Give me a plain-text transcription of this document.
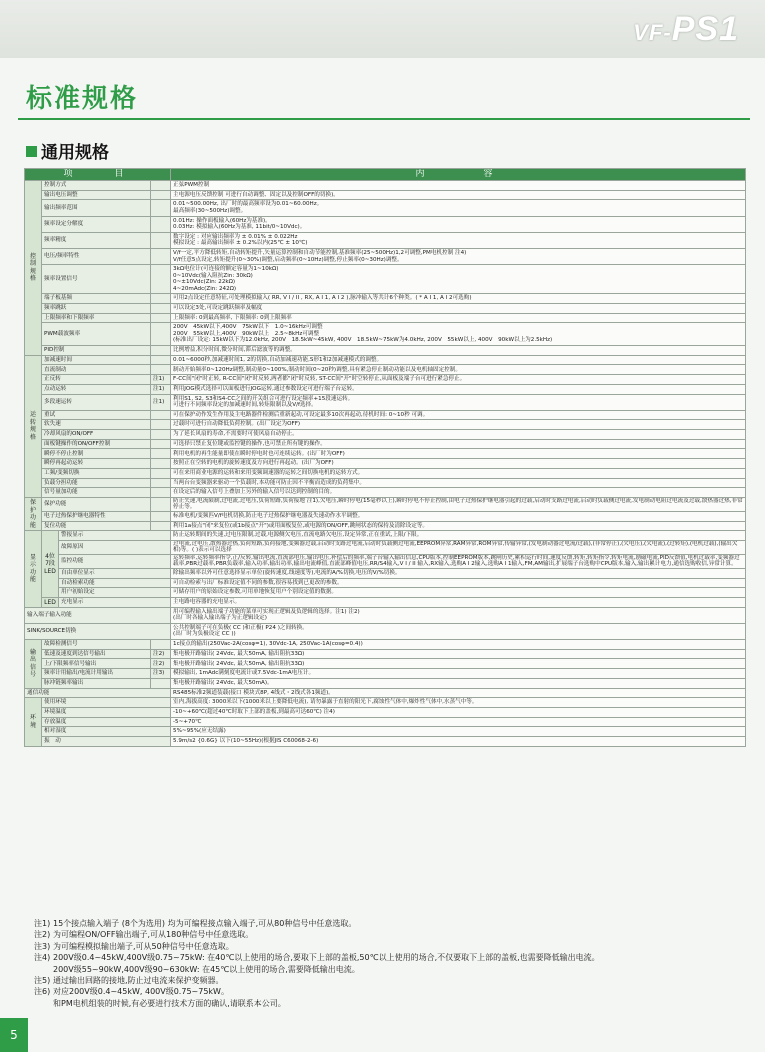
VF-PS1
标准规格
通用规格
项　　目				内　　　容
控
制
规
格	控制方式			正弦PWM控制
	输出电压调整			主电源电压反馈控制 可进行自动调整、固定以及控制OFF的切换)。
	输出频率范围			0.01~500.00Hz, 出厂时的最高频率设为0.01~60.00Hz。
最高频率(30~500Hz)调整。
	频率设定分解度			0.01Hz: 操作面板输入(60Hz为基准)。
0.03Hz: 模拟输入(60Hz为基准, 11bit/0~10Vdc)。
	频率精度			数字设定 : 对应输出频率为 ± 0.01% ± 0.022Hz
模拟设定 : 最高输出频率 ± 0.2%以内(25℃ ± 10℃)
	电压/频率特性			V/f一定,平方降低转矩,自动转矩提升,矢量运算控制和自动节能控制,基准频率(25~500Hz)1,2可调整,PM电机控制 注4)
V/f任意5点设定,转矩提升(0~30%)调整,启动频率(0~10Hz)调整,停止频率(0~30Hz)调整。
	频率设置信号			3kΩ电位计(可连接的额定容量为1~10kΩ)
0~10Vdc(输入阻抗Zin: 30kΩ)
0~±10Vdc(Zin: 22kΩ)
4~20mAdc(Zin: 242Ω)
	端子板基频			可用2点设定任意特征,可处理模拟输入( RR, V I / II , RX, A I 1, A I 2 ),脉冲输入等共计6个种类。( * A I 1, A I 2可选购)
	频率跳跃			可以设定3处,可设定跳跃频率及幅度
	上限频率和下限频率			上限频率: 0到最高频率, 下限频率: 0到上限频率
	PWM载波频率			200V　45kW以下,400V　75kW以下　1.0~16kHz可调整
200V　55kW以上,400V　90kW以上　2.5~8kHz可调整
(标准出厂设定: 15kW以下为12.0kHz, 200V　18.5kW~45kW, 400V　18.5kW~75kW为4.0kHz, 200V　55kW以上, 400V　90kW以上为2.5kHz)
	PID控制			比例增益,积分时间,微分时间,滞后滤波等的调整。
运
转
规
格	加减速时间			0.01~6000秒,加减速时间1, 2的切换,自动加减速功能,S形1和2加减速模式的调整。
	直流制动			制动开始频率0~120Hz调整,制动量0~100%,制动时间(0~20秒)调整,具有紧急停止制动功能以及电机轴固定控制。
	正反转		注1)	F-CC间"闭"时正转, R-CC间"闭"时反转,两者都"闭"时反转, ST-CC间"开"时空转停止,从面板及端子台可进行紧急停止。
	点动运转		注1)	利用JOG模式选择可以面板进行JOG运转,通过参数设定可进行端子台运转。
	多段速运转		注1)	利用S1, S2, S3和S4-CC之间的开关组合可进行设定频率+15段速运转。
可进行不同频率设定的加减速时间,转矩限制以及V/f选择。
	重试			可在保护动作发生作用及主电路器件检测后重新起动,可设定最多10次再起动,待机时间: 0~10秒 可调。
	软失速			过载时可进行自动降低负荷控制。(出厂设定为OFF)
	冷却风扇的ON/OFF			为了延长风扇的寿命,不需要时可使风扇自动停止。
	面板键操作的ON/OFF控制			可选择只禁止复位键或监控键的操作,也可禁止所有键的操作。
	瞬停不停止控制			利用电机的再生能量即使在瞬时停电时也可连续运转。(出厂时为OFF)
	瞬停再起动运转			按照正在空转的电机的旋转速度及方向进行再起动。(出厂为OFF)
	工频/变频切换			可在来用商业电源的运转和来用变频调速器的运转之间切换电机的运转方式。
	负载分担功能			当两台台变频器来驱动一个负载时,本功能可防止因不平衡而造成的负荷集中。
	信号量加功能			在设定后的输入信号上叠加上另外的输入信号以达到控制的目的。
保
护
功
能	保护功能			防止失速,电流限制,过电流,过电压,负荷短路,负荷接地 注1),欠电压,瞬时停电(15毫秒以上),瞬时停电不停止控制,由电子过热保护继电器引起的过载,启动时支路过电流,启动时负载侧过电流,发电制动电阻过电流及过载,散热器过热,非常停止等。
	电子过热保护继电器特性			标准电机/变频匹V/f电机切换,防止电子过热保护继电器及失速动作水平调整。
	复位功能			利用1a接点"闭"来复位(或1b接点"开")或用面板复位,或电源的ON/OFF,跳闸状态的保持及清除设定等。
显
示
功
能	4位
7段
LED	警报显示		防止运转期间的失速,过电压限制,过载,电源侧欠电压,直流电路欠电压,设定异常,正在重试,上限/下限。
		故障原因		过电流,过电压,散热器过热,负荷短路,负荷接地,变频器过载,启动时支路过电流,启动时负载侧过电流,EEPROM异常,RAM异常,ROM异常,传输异常,(发电制动器过电流/过载),(非常停止),(欠电压),(欠电流),(过转矩),(电机过载),(输出欠相)等。( )表示可以选择
		监控功能		运转频率,运转频率指令,正/反转,输出电流,直流部电压,输出电压,补偿后的频率,端子台输入输出信息,CPU版本,控制EEPROM版本,跳闸历史,累积运行时间,速度反馈,转矩,转矩指令,转矩电流,励磁电流,PID反馈值,电机过载率,变频器过载率,PBR过载率,PBR负载率,输入功率,输出功率,输出电流峰值,直流部峰值电压,RR/S4输入,V I / II 输入,RX输入,选购A I 2输入,选购A I 1输入,FM,AM输出,扩展端子台选购中CPU版本,输入,输出累计电力,通信选购收信,异常计算。
		自由单位显示		除输出频率以外可任意选择显示单位(旋转速度,线速度等),电流的A/%切换,电压的V/%切换。
		自动检索功能		可自动检索与出厂标准设定值不同的参数,很容易找到已更改的参数。
		用户初始设定		可储存用户的原始设定参数,可用单地恢复用户个别设定值的数据。
	LED	充电显示		主电路电容器的充电显示。
输入端子输入功能				用可编程输入输出端子功能的菜单可实现正逻辑及负逻辑的选择。注1) 注2)
(出厂时各输入输出端子为正逻辑设定)
SINK/SOURCE切换				公共控制端子可在负极( CC )和正极( P24 )之间转换。
(出厂时为负极设定 CC ))
输
出
信
号	故障检测信号			1c接点的输出(250Vac-2A(cosφ=1), 30Vdc-1A, 250Vac-1A(cosφ=0.4))
	低速及速度到达信号输出		注2)	集电极开路输出( 24Vdc, 最大50mA, 输出阻抗33Ω)
	上/下限频率信号输出		注2)	集电极开路输出( 24Vdc, 最大50mA, 输出阻抗33Ω)
	频率计用输出/电流计用输出		注3)	模拟输出, 1mAdc满刻度电流计或7.5Vdc-1mA电压计。
	脉冲链频率输出			集电极开路输出( 24Vdc, 最大50mA)。
通信功能				RS485标准2频道装载(接口 模块式8P, 4线式・2线式各1频道)。
环
境	使用环境			室内,海拔高度: 3000米以下(1000米以上要降低电流), 请勿暴露于直射的阳光下,腐蚀性气体中,爆炸性气体中,水蒸气中等。
	环境温度			-10~+60℃(超过40℃时取下上部的盖板,到最高可达60℃) 注4)
	存放温度			-5~+70℃
	相对湿度			5%~95%(应无结露)
	振　动			5.9m/s2 {0.6G} 以下(10~55Hz)(根据JIS C60068-2-6)
注1) 15个接点输入端子 (8个为选用) 均为可编程接点输入端子,可从80种信号中任意选取。
注2) 为可编程ON/OFF输出端子,可从180种信号中任意选取。
注3) 为可编程模拟输出端子,可从50种信号中任意选取。
注4) 200V级0.4~45kW,400V级0.75~75kW: 在40℃以上使用的场合,要取下上部的盖板,50℃以上使用的场合,不仅要取下上部的盖板,也需要降低输出电流。
200V级55~90kW,400V级90~630kW: 在45℃以上使用的场合,需要降低输出电流。
注5) 通过输出回路的接地,防止过电流来保护变频器。
注6) 对应200V级0.4~45kW, 400V级0.75~75kW。
和PM电机组装的时候,有必要进行技术方面的确认,请联系本公司。
5
